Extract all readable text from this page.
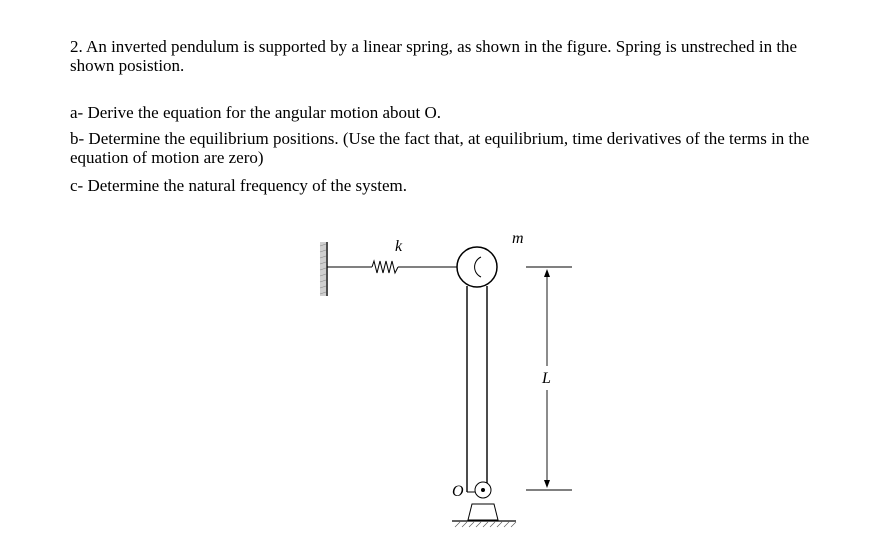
2. An inverted pendulum is supported by a linear spring, as shown in the figure. Spring is unstreched in the shown posistion.

a- Derive the equation for the angular motion about O.

b- Determine the equilibrium positions. (Use the fact that, at equilibrium, time derivatives of the terms in the equation of motion are zero)

c- Determine the natural frequency of the system.

k	m
O
L
